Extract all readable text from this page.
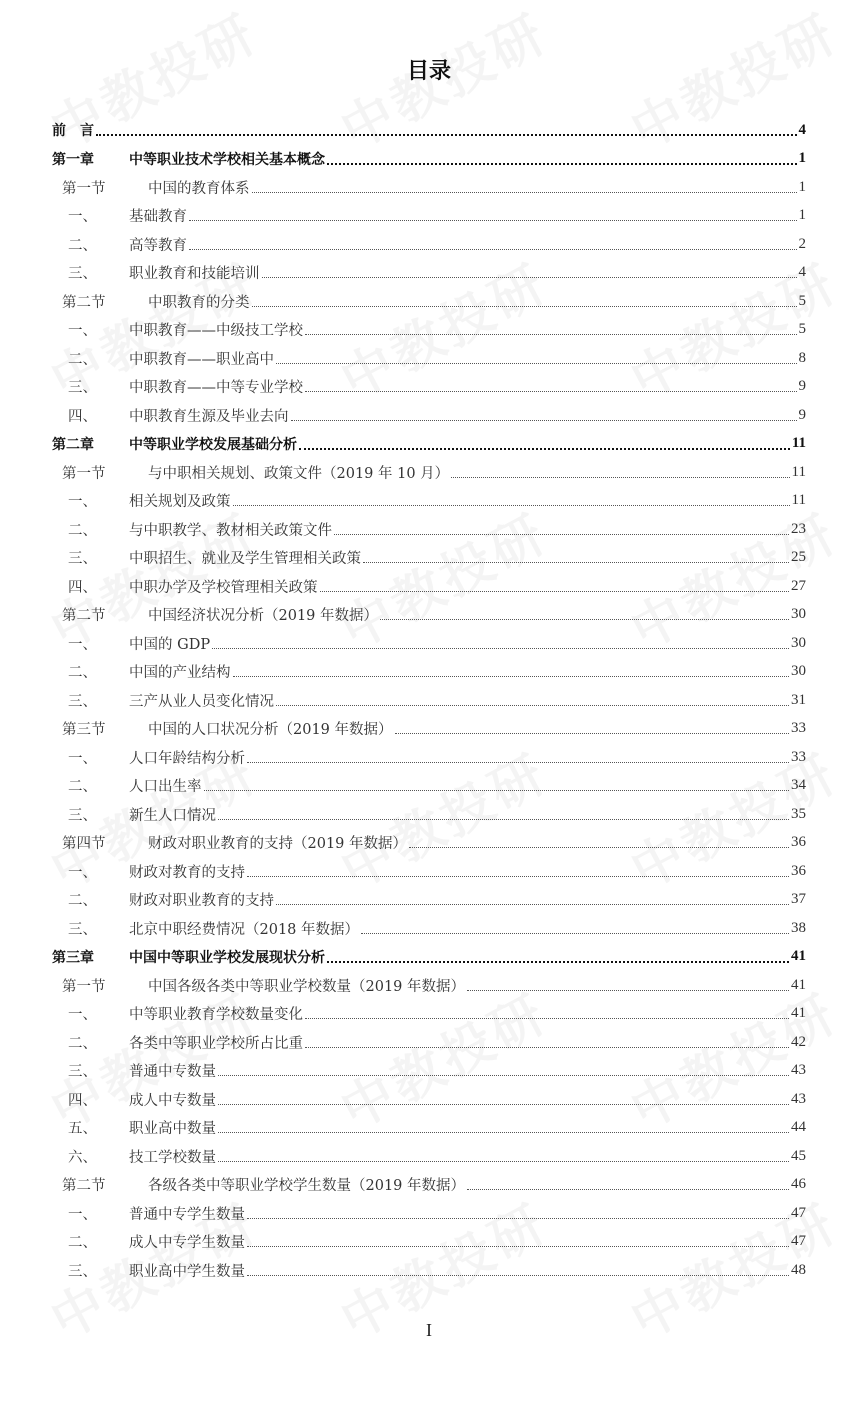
目录
前　言	4
第一章	中等职业技术学校相关基本概念	1
第一节	中国的教育体系	1
一、	基础教育	1
二、	高等教育	2
三、	职业教育和技能培训	4
第二节	中职教育的分类	5
一、	中职教育——中级技工学校	5
二、	中职教育——职业高中	8
三、	中职教育——中等专业学校	9
四、	中职教育生源及毕业去向	9
第二章	中等职业学校发展基础分析	11
第一节	与中职相关规划、政策文件（2019 年 10 月）	11
一、	相关规划及政策	11
二、	与中职教学、教材相关政策文件	23
三、	中职招生、就业及学生管理相关政策	25
四、	中职办学及学校管理相关政策	27
第二节	中国经济状况分析（2019 年数据）	30
一、	中国的 GDP	30
二、	中国的产业结构	30
三、	三产从业人员变化情况	31
第三节	中国的人口状况分析（2019 年数据）	33
一、	人口年龄结构分析	33
二、	人口出生率	34
三、	新生人口情况	35
第四节	财政对职业教育的支持（2019 年数据）	36
一、	财政对教育的支持	36
二、	财政对职业教育的支持	37
三、	北京中职经费情况（2018 年数据）	38
第三章	中国中等职业学校发展现状分析	41
第一节	中国各级各类中等职业学校数量（2019 年数据）	41
一、	中等职业教育学校数量变化	41
二、	各类中等职业学校所占比重	42
三、	普通中专数量	43
四、	成人中专数量	43
五、	职业高中数量	44
六、	技工学校数量	45
第二节	各级各类中等职业学校学生数量（2019 年数据）	46
一、	普通中专学生数量	47
二、	成人中专学生数量	47
三、	职业高中学生数量	48
I
